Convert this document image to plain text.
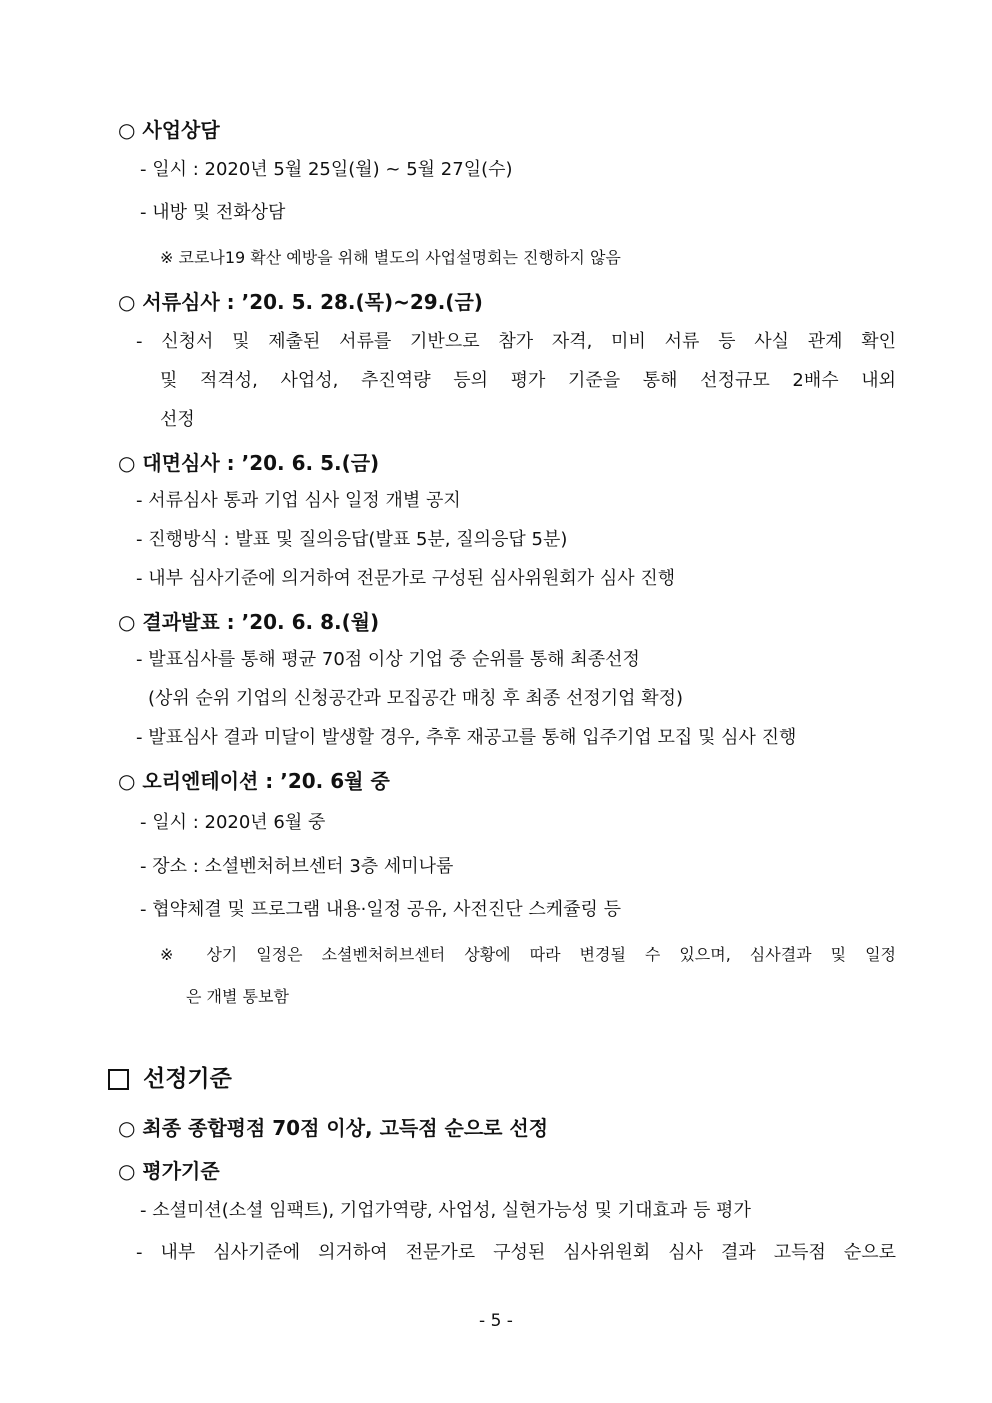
○ 사업상담
- 일시 : 2020년 5월 25일(월) ~ 5월 27일(수)
- 내방 및 전화상담
※ 코로나19 확산 예방을 위해 별도의 사업설명회는 진행하지 않음
○ 서류심사 : ’20. 5. 28.(목)~29.(금)
- 신청서 및 제출된 서류를 기반으로 참가 자격, 미비 서류 등 사실 관계 확인
및 적격성, 사업성, 추진역량 등의 평가 기준을 통해 선정규모 2배수 내외
선정
○ 대면심사 : ’20. 6. 5.(금)
- 서류심사 통과 기업 심사 일정 개별 공지
- 진행방식 : 발표 및 질의응답(발표 5분, 질의응답 5분)
- 내부 심사기준에 의거하여 전문가로 구성된 심사위원회가 심사 진행
○ 결과발표 : ’20. 6. 8.(월)
- 발표심사를 통해 평균 70점 이상 기업 중 순위를 통해 최종선정
(상위 순위 기업의 신청공간과 모집공간 매칭 후 최종 선정기업 확정)
- 발표심사 결과 미달이 발생할 경우, 추후 재공고를 통해 입주기업 모집 및 심사 진행
○ 오리엔테이션 : ’20. 6월 중
- 일시 : 2020년 6월 중
- 장소 : 소셜벤처허브센터 3층 세미나룸
- 협약체결 및 프로그램 내용·일정 공유, 사전진단 스케쥴링 등
※ 상기 일정은 소셜벤처허브센터 상황에 따라 변경될 수 있으며, 심사결과 및 일정
은 개별 통보함
선정기준
○ 최종 종합평점 70점 이상, 고득점 순으로 선정
○ 평가기준
- 소셜미션(소셜 임팩트), 기업가역량, 사업성, 실현가능성 및 기대효과 등 평가
- 내부 심사기준에 의거하여 전문가로 구성된 심사위원회 심사 결과 고득점 순으로
- 5 -
